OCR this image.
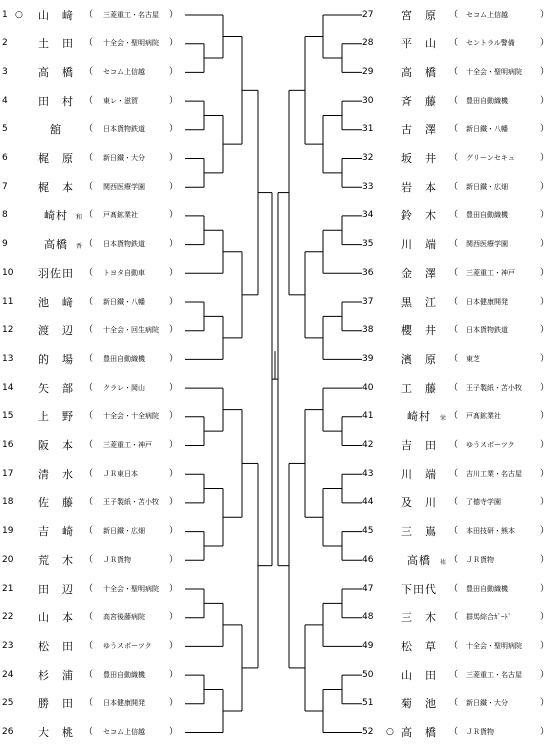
1 ○	山　﨑	（ 三菱重工・名古屋 ）
2	土　田	（ 十全会・聖明病院 ）
3	高　橋	（ セコム上信越	）
4	田　村	（ 東レ・滋賀	）
5	舘	（ 日本貨物鉄道	）
6	梶　原	（ 新日鐵・大分	）
7	梶　本	（ 関西医療学園	）
8	崎村	和 （ 戸髙鉱業社	）
9	高橋	香 （ 日本貨物鉄道	）
10	羽佐田	（ トヨタ自動車	）
11	池　﨑	（ 新日鐵・八幡	）
12	渡　辺	（ 十全会・回生病院 ）
13	的　場	（ 豊田自動織機	）
14	矢　部	（ クラレ・岡山	）
15	上　野	（ 十全会・十全病院 ）
16	阪　本	（ 三菱重工・神戸 ）
17	清　水	（ ＪＲ東日本	）
18	佐　藤	（ 王子製紙・苫小牧 ）
19	吉　崎	（ 新日鐵・広畑	）
20	荒　木	（ ＪＲ貨物	）
21	田　辺	（ 十全会・聖明病院 ）
22	山　本	（ 高宮後藤病院	）
23	松　田	（ ゆうスポーツク ）
24	杉　浦	（ 豊田自動織機	）
25	勝　田	（ 日本健康開発	）
26	大　桃	（ セコム上信越	）
27	宮　原	（ セコム上信越	）
28	平　山	（ セントラル警備	）
29	高　橋	（ 十全会・聖明病院 ）
30	斉　藤	（ 豊田自動織機	）
31	古　澤	（ 新日鐵・八幡	）
32	坂　井	（ グリーンセキュ	）
33	岩　本	（ 新日鐵・広畑	）
34	鈴　木	（ 豊田自動織機	）
35	川　端	（ 関西医療学園	）
36	金　澤	（ 三菱重工・神戸	）
37	黒　江	（ 日本健康開発	）
38	櫻　井	（ 日本貨物鉄道	）
39	濱　原	（ 東芝	）
40	工　藤	（ 王子製紙・苫小牧 ）
41	崎村	栄 （ 戸髙鉱業社	）
42	吉　田	（ ゆうスポーツク	）
43	川　端	（ 吉川工業・名古屋 ）
44	及　川	（ 了德寺学園	）
45	三　嶌	（ 本田技研・熊本	）
46	高橋	祐 （ ＪＲ貨物	）
47	下田代	（ 豊田自動織機	）
48	三　木	（ 群馬綜合ｶﾞｰﾄﾞ	）
49	松　草	（ 十全会・聖明病院 ）
50	山　田	（ 三菱重工・名古屋 ）
51	菊　池	（ 新日鐵・大分	）
52	○ 高　橋	（ ＪＲ貨物	）
